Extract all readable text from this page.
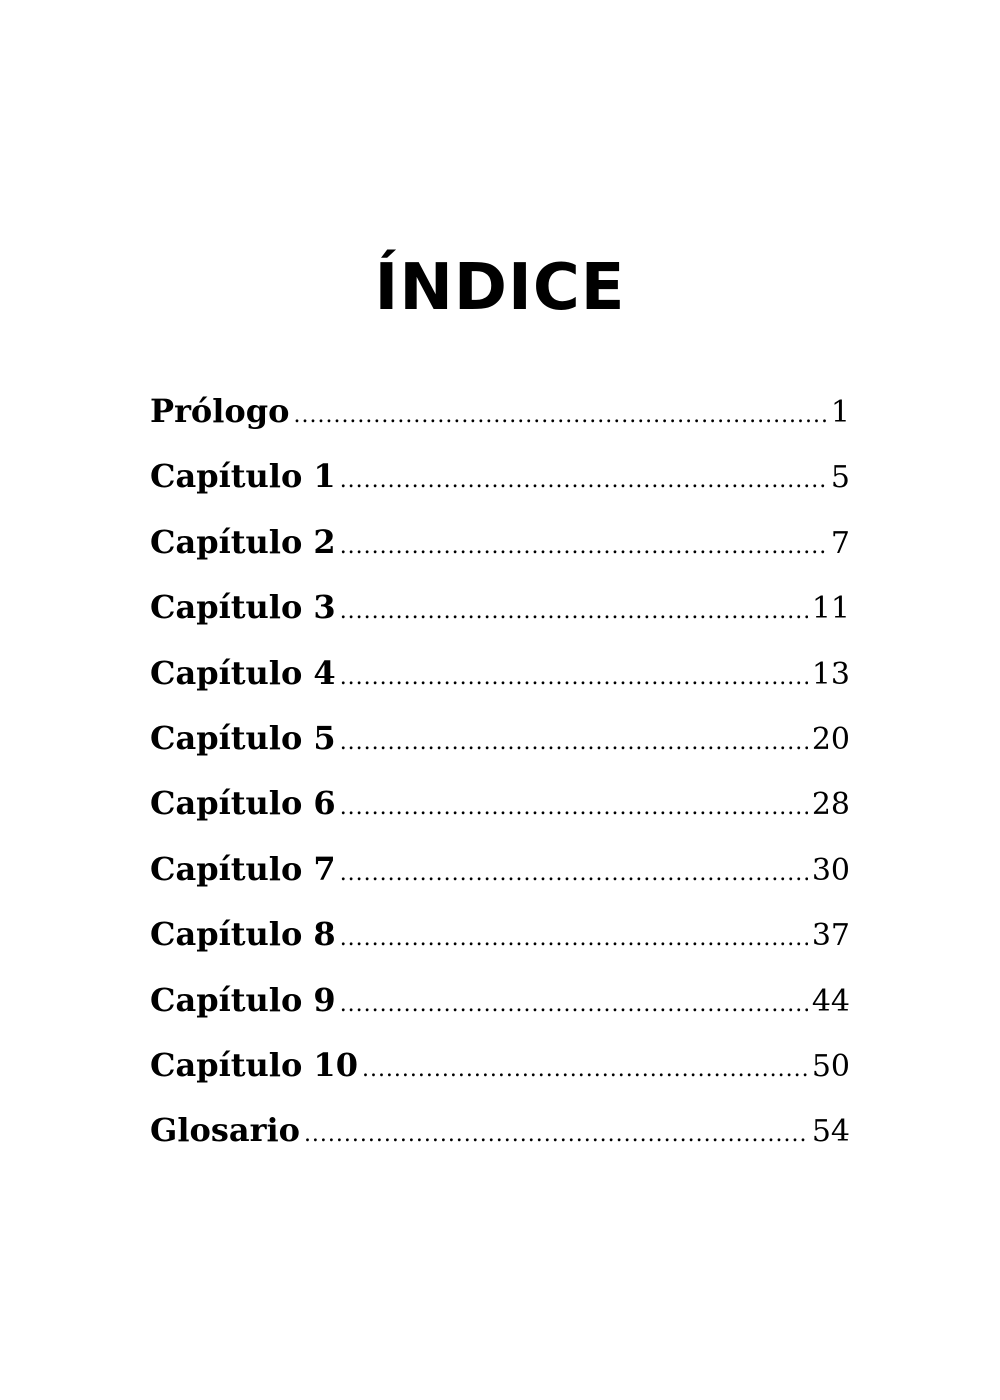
ÍNDICE
Prólogo .....	1
Capítulo 1 .....	5
Capítulo 2 .....	7
Capítulo 3 .....	11
Capítulo 4 .....	13
Capítulo 5 .....	20
Capítulo 6 .....	28
Capítulo 7 .....	30
Capítulo 8 .....	37
Capítulo 9 .....	44
Capítulo 10 .....	50
Glosario .....	54
